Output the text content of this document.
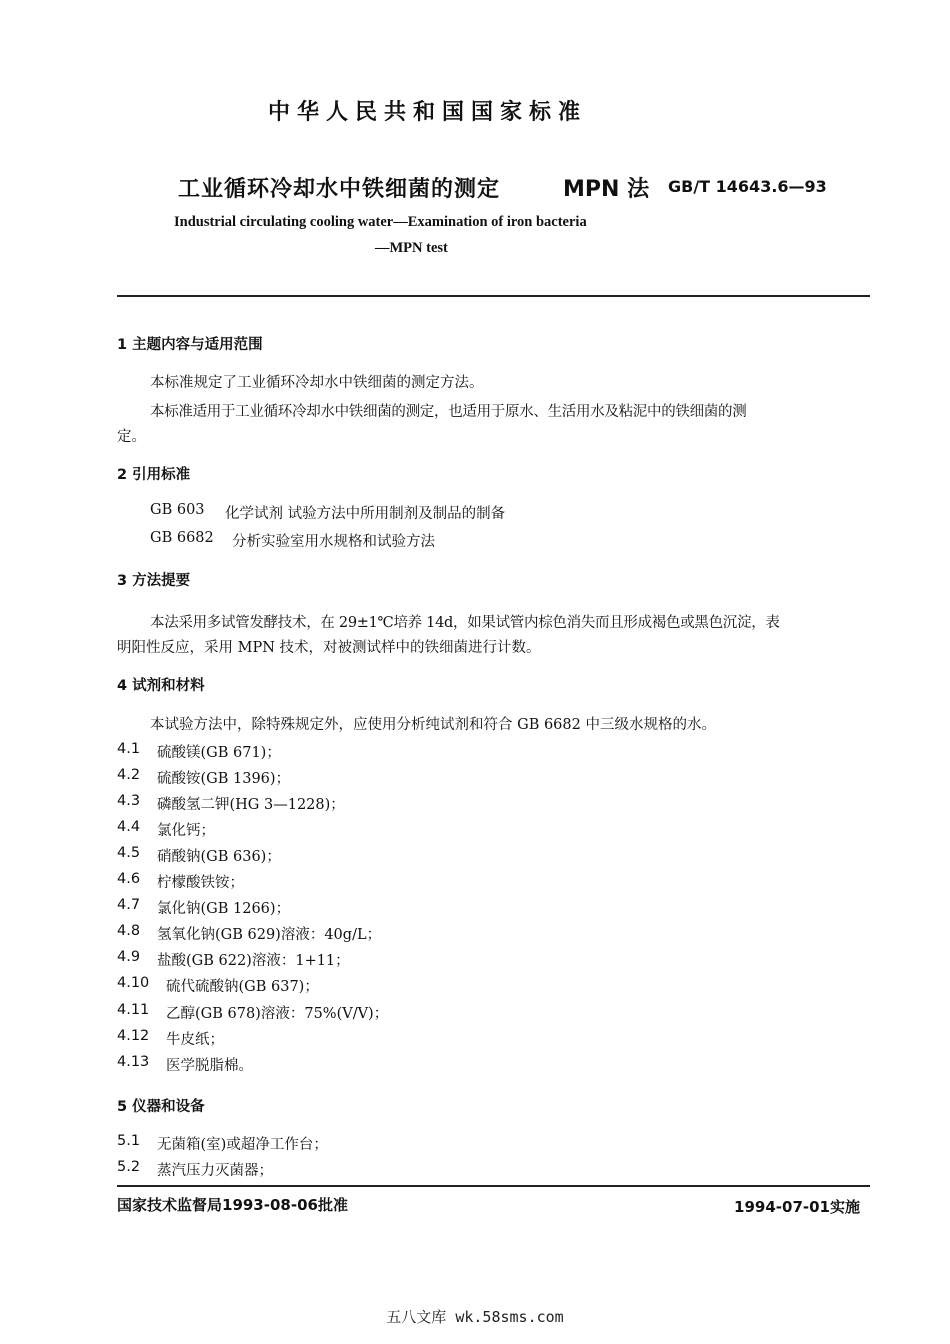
中华人民共和国国家标准
工业循环冷却水中铁细菌的测定	MPN 法 GB/T 14643.6—93
Industrial circulating cooling water—Examination of iron bacteria
—MPN test
1 主题内容与适用范围
本标准规定了工业循环冷却水中铁细菌的测定方法。
本标准适用于工业循环冷却水中铁细菌的测定，也适用于原水、生活用水及粘泥中的铁细菌的测
定。
2 引用标准
GB 603 化学试剂 试验方法中所用制剂及制品的制备
GB 6682 分析实验室用水规格和试验方法
3 方法提要
本法采用多试管发酵技术，在 29±1℃培养 14d，如果试管内棕色消失而且形成褐色或黑色沉淀，表
明阳性反应，采用 MPN 技术，对被测试样中的铁细菌进行计数。
4 试剂和材料
本试验方法中，除特殊规定外，应使用分析纯试剂和符合 GB 6682 中三级水规格的水。
4.1 硫酸镁(GB 671)；
4.2 硫酸铵(GB 1396)；
4.3 磷酸氢二钾(HG 3—1228)；
4.4 氯化钙；
4.5 硝酸钠(GB 636)；
4.6 柠檬酸铁铵；
4.7 氯化钠(GB 1266)；
4.8 氢氧化钠(GB 629)溶液：40g/L；
4.9 盐酸(GB 622)溶液：1+11；
4.10 硫代硫酸钠(GB 637)；
4.11 乙醇(GB 678)溶液：75%(V/V)；
4.12 牛皮纸；
4.13 医学脱脂棉。
5 仪器和设备
5.1 无菌箱(室)或超净工作台；
5.2 蒸汽压力灭菌器；
国家技术监督局1993-08-06批准	1994-07-01实施
五八文库 wk.58sms.com
